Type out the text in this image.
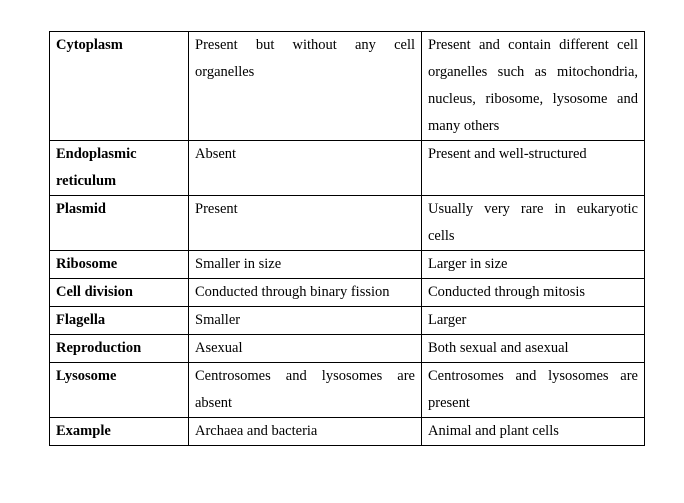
Cytoplasm	Present but without any cell organelles	Present and contain different cell organelles such as mitochondria, nucleus, ribosome, lysosome and many others
Endoplasmic reticulum	Absent	Present and well-structured
Plasmid	Present	Usually very rare in eukaryotic cells
Ribosome	Smaller in size	Larger in size
Cell division	Conducted through binary fission	Conducted through mitosis
Flagella	Smaller	Larger
Reproduction	Asexual	Both sexual and asexual
Lysosome	Centrosomes and lysosomes are absent	Centrosomes and lysosomes are present
Example	Archaea and bacteria	Animal and plant cells
